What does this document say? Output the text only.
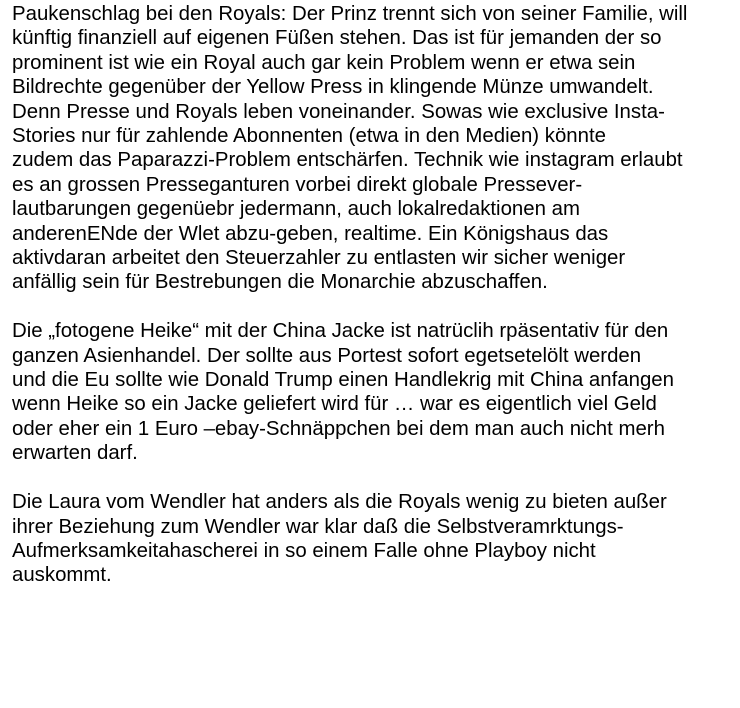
Paukenschlag bei den Royals: Der Prinz trennt sich von seiner Familie, will
künftig finanziell auf eigenen Füßen stehen. Das ist für jemanden der so
prominent ist wie ein Royal auch gar kein Problem wenn er etwa sein
Bildrechte gegenüber der Yellow Press in klingende Münze umwandelt.
Denn Presse und Royals leben voneinander. Sowas wie exclusive Insta-
Stories nur für zahlende Abonnenten (etwa in den Medien) könnte
zudem das Paparazzi-Problem entschärfen. Technik wie instagram erlaubt
es an grossen Presseganturen vorbei direkt globale Pressever-
lautbarungen gegenüebr jedermann, auch lokalredaktionen am
anderenENde der Wlet abzu-geben, realtime. Ein Königshaus das
aktivdaran arbeitet den Steuerzahler zu entlasten wir sicher weniger
anfällig sein für Bestrebungen die Monarchie abzuschaffen.

Die „fotogene Heike“ mit der China Jacke ist natrüclih rpäsentativ für den
ganzen Asienhandel. Der sollte aus Portest sofort egetsetelölt werden
und die Eu sollte wie Donald Trump einen Handlekrig mit China anfangen
wenn Heike so ein Jacke geliefert wird für … war es eigentlich viel Geld
oder eher ein 1 Euro –ebay-Schnäppchen bei dem man auch nicht merh
erwarten darf.

Die Laura vom Wendler hat anders als die Royals wenig zu bieten außer
ihrer Beziehung zum Wendler war klar daß die Selbstveramrktungs-
Aufmerksamkeitahascherei in so einem Falle ohne Playboy nicht
auskommt.
